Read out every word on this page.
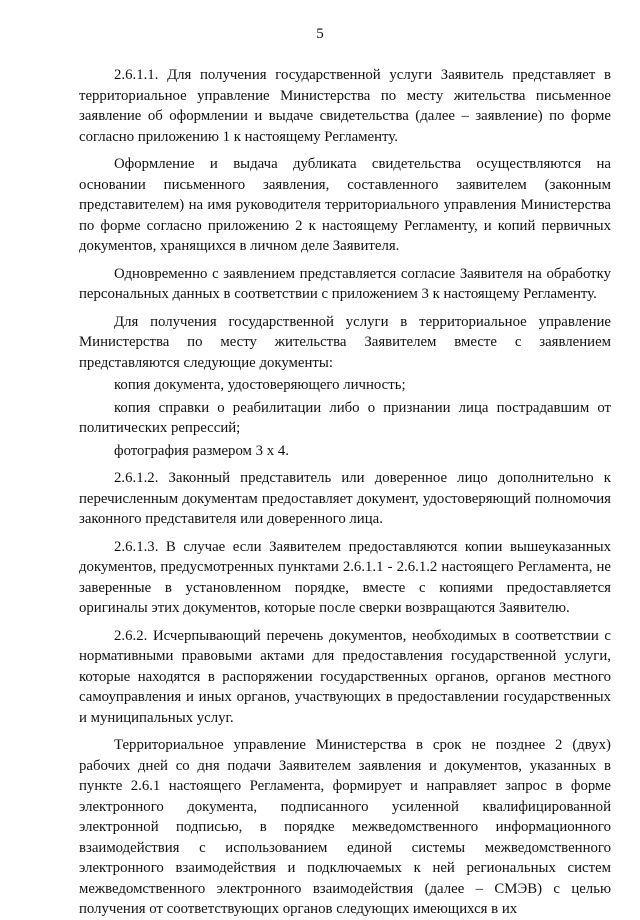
5

2.6.1.1. Для получения государственной услуги Заявитель представляет в территориальное управление Министерства по месту жительства письменное заявление об оформлении и выдаче свидетельства (далее – заявление) по форме согласно приложению 1 к настоящему Регламенту.

Оформление и выдача дубликата свидетельства осуществляются на основании письменного заявления, составленного заявителем (законным представителем) на имя руководителя территориального управления Министерства по форме согласно приложению 2 к настоящему Регламенту, и копий первичных документов, хранящихся в личном деле Заявителя.

Одновременно с заявлением представляется согласие Заявителя на обработку персональных данных в соответствии с приложением 3 к настоящему Регламенту.

Для получения государственной услуги в территориальное управление Министерства по месту жительства Заявителем вместе с заявлением представляются следующие документы:

копия документа, удостоверяющего личность;

копия справки о реабилитации либо о признании лица пострадавшим от политических репрессий;

фотография размером 3 х 4.

2.6.1.2. Законный представитель или доверенное лицо дополнительно к перечисленным документам предоставляет документ, удостоверяющий полномочия законного представителя или доверенного лица.

2.6.1.3. В случае если Заявителем предоставляются копии вышеуказанных документов, предусмотренных пунктами 2.6.1.1 - 2.6.1.2 настоящего Регламента, не заверенные в установленном порядке, вместе с копиями предоставляется оригиналы этих документов, которые после сверки возвращаются Заявителю.

2.6.2. Исчерпывающий перечень документов, необходимых в соответствии с нормативными правовыми актами для предоставления государственной услуги, которые находятся в распоряжении государственных органов, органов местного самоуправления и иных органов, участвующих в предоставлении государственных и муниципальных услуг.

Территориальное управление Министерства в срок не позднее 2 (двух) рабочих дней со дня подачи Заявителем заявления и документов, указанных в пункте 2.6.1 настоящего Регламента, формирует и направляет запрос в форме электронного документа, подписанного усиленной квалифицированной электронной подписью, в порядке межведомственного информационного взаимодействия с использованием единой системы межведомственного электронного взаимодействия и подключаемых к ней региональных систем межведомственного электронного взаимодействия (далее – СМЭВ) с целью получения от соответствующих органов следующих имеющихся в их
